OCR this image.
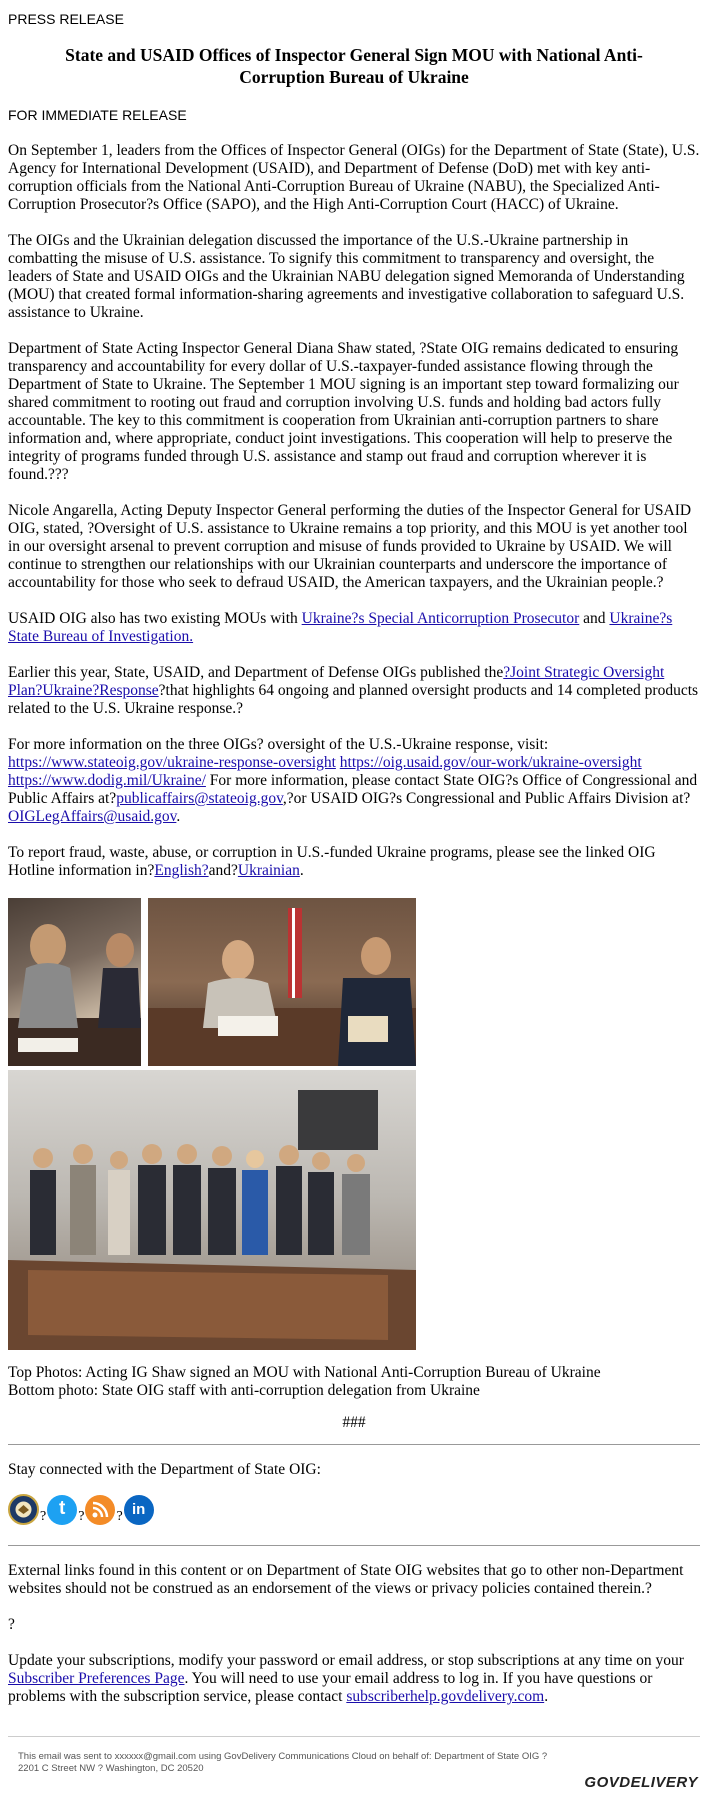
PRESS RELEASE

State and USAID Offices of Inspector General Sign MOU with National Anti-Corruption Bureau of Ukraine

FOR IMMEDIATE RELEASE

On September 1, leaders from the Offices of Inspector General (OIGs) for the Department of State (State), U.S. Agency for International Development (USAID), and Department of Defense (DoD) met with key anti-corruption officials from the National Anti-Corruption Bureau of Ukraine (NABU), the Specialized Anti-Corruption Prosecutor?s Office (SAPO), and the High Anti-Corruption Court (HACC) of Ukraine.

The OIGs and the Ukrainian delegation discussed the importance of the U.S.-Ukraine partnership in combatting the misuse of U.S. assistance. To signify this commitment to transparency and oversight, the leaders of State and USAID OIGs and the Ukrainian NABU delegation signed Memoranda of Understanding (MOU) that created formal information-sharing agreements and investigative collaboration to safeguard U.S. assistance to Ukraine.

Department of State Acting Inspector General Diana Shaw stated, ?State OIG remains dedicated to ensuring transparency and accountability for every dollar of U.S.-taxpayer-funded assistance flowing through the Department of State to Ukraine. The September 1 MOU signing is an important step toward formalizing our shared commitment to rooting out fraud and corruption involving U.S. funds and holding bad actors fully accountable. The key to this commitment is cooperation from Ukrainian anti-corruption partners to share information and, where appropriate, conduct joint investigations. This cooperation will help to preserve the integrity of programs funded through U.S. assistance and stamp out fraud and corruption wherever it is found.???

Nicole Angarella, Acting Deputy Inspector General performing the duties of the Inspector General for USAID OIG, stated, ?Oversight of U.S. assistance to Ukraine remains a top priority, and this MOU is yet another tool in our oversight arsenal to prevent corruption and misuse of funds provided to Ukraine by USAID. We will continue to strengthen our relationships with our Ukrainian counterparts and underscore the importance of accountability for those who seek to defraud USAID, the American taxpayers, and the Ukrainian people.?

USAID OIG also has two existing MOUs with Ukraine?s Special Anticorruption Prosecutor and Ukraine?s State Bureau of Investigation.

Earlier this year, State, USAID, and Department of Defense OIGs published the?Joint Strategic Oversight Plan?Ukraine?Response?that highlights 64 ongoing and planned oversight products and 14 completed products related to the U.S. Ukraine response.?

For more information on the three OIGs? oversight of the U.S.-Ukraine response, visit: https://www.stateoig.gov/ukraine-response-oversight https://oig.usaid.gov/our-work/ukraine-oversight https://www.dodig.mil/Ukraine/ For more information, please contact State OIG?s Office of Congressional and Public Affairs at?publicaffairs@stateoig.gov,?or USAID OIG?s Congressional and Public Affairs Division at?OIGLegAffairs@usaid.gov.

To report fraud, waste, abuse, or corruption in U.S.-funded Ukraine programs, please see the linked OIG Hotline information in?English?and?Ukrainian.

Top Photos: Acting IG Shaw signed an MOU with National Anti-Corruption Bureau of Ukraine

Bottom photo: State OIG staff with anti-corruption delegation from Ukraine

###

Stay connected with the Department of State OIG:

? t ? ? in

External links found in this content or on Department of State OIG websites that go to other non-Department websites should not be construed as an endorsement of the views or privacy policies contained therein.?

?

Update your subscriptions, modify your password or email address, or stop subscriptions at any time on your Subscriber Preferences Page. You will need to use your email address to log in. If you have questions or problems with the subscription service, please contact subscriberhelp.govdelivery.com.

This email was sent to xxxxxx@gmail.com using GovDelivery Communications Cloud on behalf of: Department of State OIG ?

2201 C Street NW ? Washington, DC 20520

GOVDELIVERY
